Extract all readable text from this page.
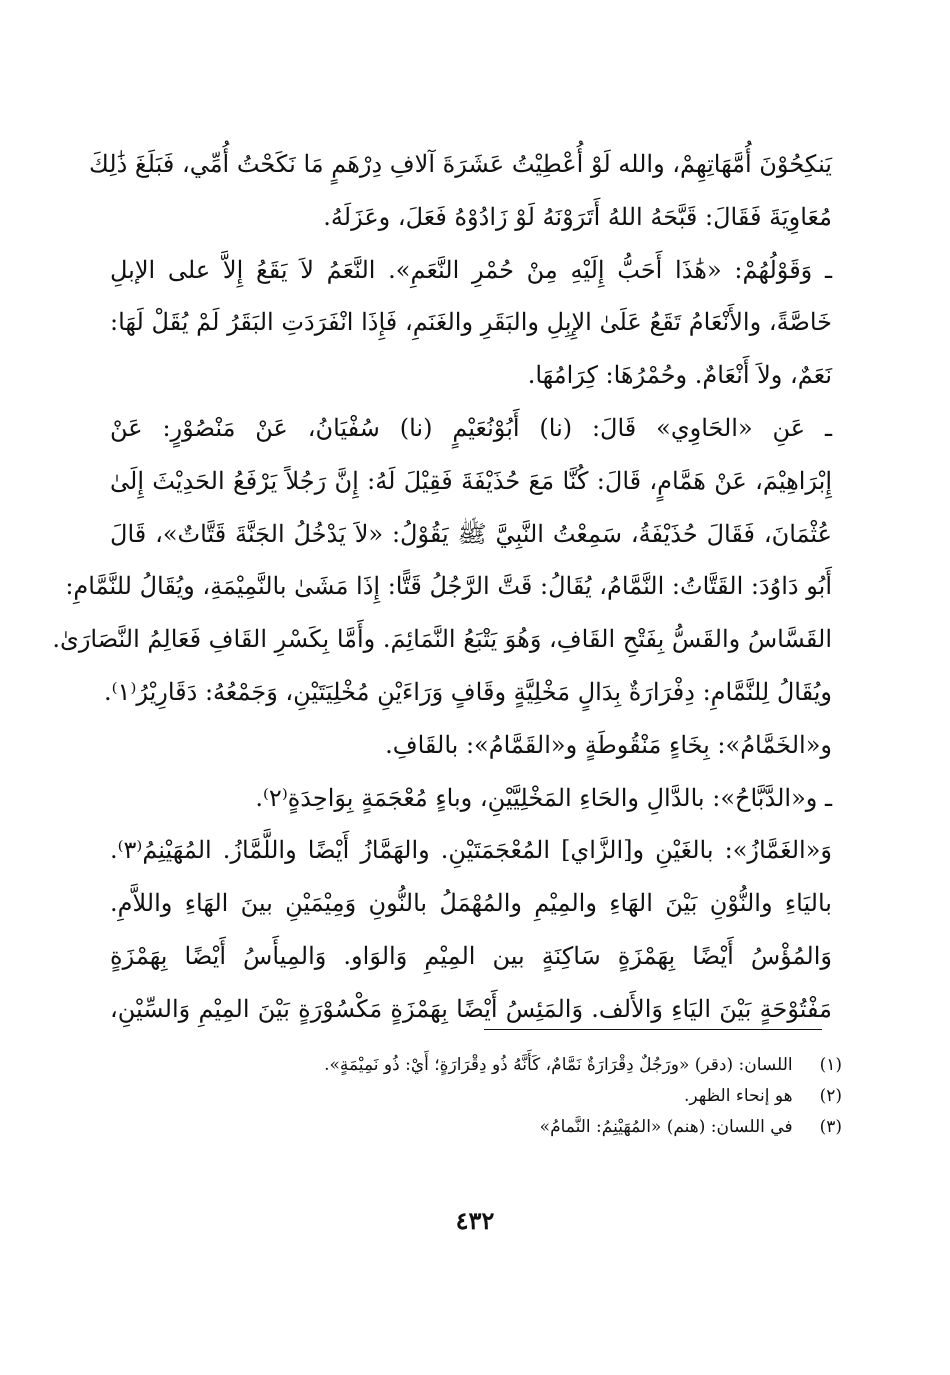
يَنكِحُوْنَ أُمَّهَاتِهِمْ، والله لَوْ أُعْطِيْتُ عَشَرَةَ آلافِ دِرْهَمٍ مَا نَكَحْتُ أُمِّي، فَبَلَغَ ذَٰلِكَ
مُعَاوِيَةَ فَقَالَ: قَبَّحَهُ اللهُ أَتَرَوْنَهُ لَوْ زَادُوْهُ فَعَلَ، وعَزَلَهُ.
ـ وَقَوْلُهُمْ: «هَٰذَا أَحَبُّ إِلَيْهِ مِنْ حُمْرِ النَّعَمِ». النَّعَمُ لاَ يَقَعُ إِلاَّ على الإبلِ
خَاصَّةً، والأَنْعَامُ تَقَعُ عَلَىٰ الإِبِلِ والبَقَرِ والغَنَمِ، فَإِذَا انْفَرَدَتِ البَقَرُ لَمْ يُقَلْ لَهَا:
نَعَمٌ، ولاَ أَنْعَامٌ. وحُمْرُهَا: كِرَامُهَا.
ـ عَنِ «الحَاوِي» قَالَ: (نا) أَبُوْنُعَيْمٍ (نا) سُفْيَانُ، عَنْ مَنْصُوْرٍ: عَنْ
إِبْرَاهِيْمَ، عَنْ هَمَّامٍ، قَالَ: كُنَّا مَعَ حُذَيْفَةَ فَقِيْلَ لَهُ: إِنَّ رَجُلاً يَرْفَعُ الحَدِيْثَ إِلَىٰ
عُثْمَانَ، فَقَالَ حُذَيْفَةُ، سَمِعْتُ النَّبِيَّ ﷺ يَقُوْلُ: «لاَ يَدْخُلُ الجَنَّةَ قَتَّاتٌ»، قَالَ
أَبُو دَاوُدَ: القَتَّاتُ: النَّمَّامُ، يُقَالُ: قَتَّ الرَّجُلُ قَتًّا: إِذَا مَشَىٰ بالنَّمِيْمَةِ، ويُقَالُ للنَّمَّامِ:
القَسَّاسُ والقَسُّ بِفَتْحِ القَافِ، وَهُوَ يَتْبَعُ النَّمَائِمَ. وأَمَّا بِكَسْرِ القَافِ فَعَالِمُ النَّصَارَىٰ.
ويُقَالُ لِلنَّمَّامِ: دِفْرَارَةٌ بِدَالٍ مَخْلِيَّةٍ وقَافٍ وَرَاءَيْنِ مُخْلِيَتَيْنِ، وَجَمْعُهُ: دَقَارِيْرُ⁽١⁾.
و«الخَمَّامُ»: بِخَاءٍ مَنْقُوطَةٍ و«القَمَّامُ»: بالقَافِ.
ـ و«الدَّبَّاحُ»: بالدَّالِ والحَاءِ المَخْلِيَّيْنِ، وباءٍ مُعْجَمَةٍ بِوَاحِدَةٍ⁽٢⁾.
وَ«الغَمَّازُ»: بالغَيْنِ و[الزَّاي] المُعْجَمَتَيْنِ. والهَمَّازُ أَيْضًا واللَّمَّازُ. المُهَيْنِمُ⁽٣⁾.
باليَاءِ والنُّوْنِ بَيْنَ الهَاءِ والمِيْمِ والمُهْمَلُ بالنُّونِ وَمِيْمَيْنِ بينَ الهَاءِ واللاَّمِ.
وَالمُؤْسُ أَيْضًا بِهَمْزَةٍ سَاكِنَةٍ بين المِيْمِ وَالوَاو. وَالمِيأَسُ أَيْضًا بِهَمْزَةٍ
مَفْتُوْحَةٍ بَيْنَ اليَاءِ وَالأَلف. وَالمَئِسُ أَيْضًا بِهَمْزَةٍ مَكْسُوْرَةٍ بَيْنَ المِيْمِ وَالسِّيْنِ،
(١) اللسان: (دقر) «ورَجُلٌ دِقْرَارَةٌ نَمَّامٌ، كَأَنَّهُ ذُو دِقْرَارَةٍ؛ أَيْ: ذُو نَمِيْمَةٍ».
(٢) هو إنحاء الظهر.
(٣) في اللسان: (هنم) «المُهَيْنِمُ: النَّمامُ»
٤٣٢
